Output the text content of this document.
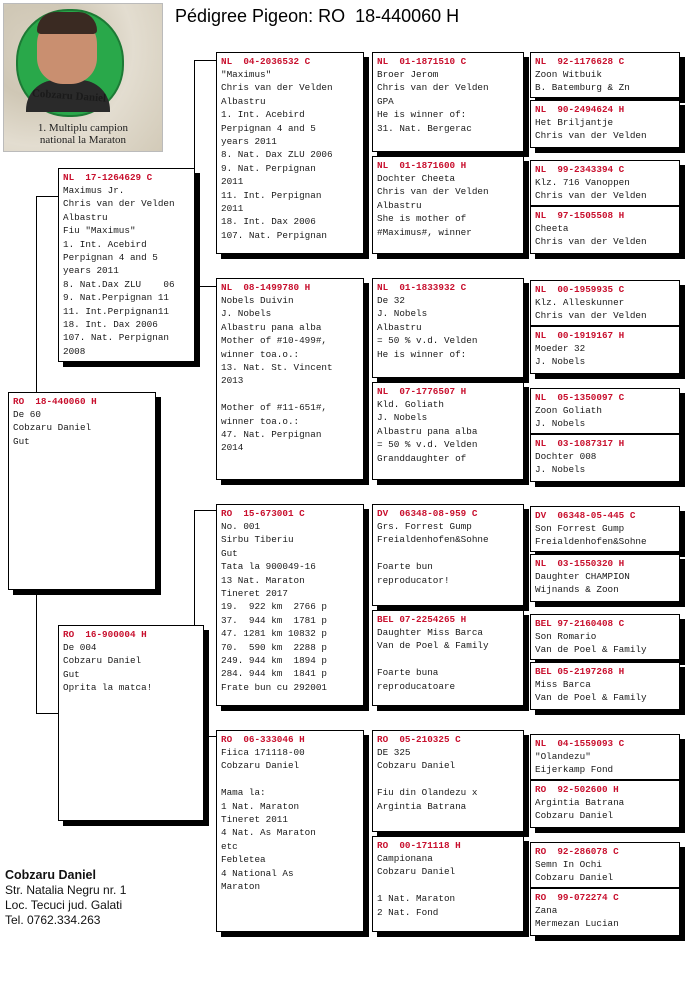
Pédigree Pigeon: RO  18-440060 H
Cobzaru Daniel
1. Multiplu campion
national la Maraton
RO  18-440060 H
De 60
Cobzaru Daniel
Gut
NL  17-1264629 C
Maximus Jr.
Chris van der Velden
Albastru
Fiu "Maximus"
1. Int. Acebird
Perpignan 4 and 5
years 2011
8. Nat.Dax ZLU    06
9. Nat.Perpignan 11
11. Int.Perpignan11
18. Int. Dax 2006
107. Nat. Perpignan
2008
RO  16-900004 H
De 004
Cobzaru Daniel
Gut
Oprita la matca!
NL  04-2036532 C
"Maximus"
Chris van der Velden
Albastru
1. Int. Acebird
Perpignan 4 and 5
years 2011
8. Nat. Dax ZLU 2006
9. Nat. Perpignan
2011
11. Int. Perpignan
2011
18. Int. Dax 2006
107. Nat. Perpignan
NL  08-1499780 H
Nobels Duivin
J. Nobels
Albastru pana alba
Mother of #10-499#,
winner toa.o.:
13. Nat. St. Vincent
2013
Mother of #11-651#,
winner toa.o.:
47. Nat. Perpignan
2014
RO  15-673001 C
No. 001
Sirbu Tiberiu
Gut
Tata la 900049-16
13 Nat. Maraton
Tineret 2017
19.  922 km  2766 p
37.  944 km  1781 p
47. 1281 km 10832 p
70.  590 km  2288 p
249. 944 km  1894 p
284. 944 km  1841 p
Frate bun cu 292001
RO  06-333046 H
Fiica 171118-00
Cobzaru Daniel
Mama la:
1 Nat. Maraton
Tineret 2011
4 Nat. As Maraton
etc
Febletea
4 National As
Maraton
NL  01-1871510 C
Broer Jerom
Chris van der Velden
GPA
He is winner of:
31. Nat. Bergerac
NL  01-1871600 H
Dochter Cheeta
Chris van der Velden
Albastru
She is mother of
#Maximus#, winner
NL  01-1833932 C
De 32
J. Nobels
Albastru
= 50 % v.d. Velden
He is winner of:
NL  07-1776507 H
Kld. Goliath
J. Nobels
Albastru pana alba
= 50 % v.d. Velden
Granddaughter of
DV  06348-08-959 C
Grs. Forrest Gump
Freialdenhofen&Sohne
Foarte bun
reproducator!
BEL 07-2254265 H
Daughter Miss Barca
Van de Poel & Family
Foarte buna
reproducatoare
RO  05-210325 C
DE 325
Cobzaru Daniel
Fiu din Olandezu x
Argintia Batrana
RO  00-171118 H
Campionana
Cobzaru Daniel
1 Nat. Maraton
2 Nat. Fond
NL  92-1176628 C
Zoon Witbuik
B. Batemburg & Zn
NL  90-2494624 H
Het Briljantje
Chris van der Velden
NL  99-2343394 C
Klz. 716 Vanoppen
Chris van der Velden
NL  97-1505508 H
Cheeta
Chris van der Velden
NL  00-1959935 C
Klz. Alleskunner
Chris van der Velden
NL  00-1919167 H
Moeder 32
J. Nobels
NL  05-1350097 C
Zoon Goliath
J. Nobels
NL  03-1087317 H
Dochter 008
J. Nobels
DV  06348-05-445 C
Son Forrest Gump
Freialdenhofen&Sohne
NL  03-1550320 H
Daughter CHAMPION
Wijnands & Zoon
BEL 97-2160408 C
Son Romario
Van de Poel & Family
BEL 05-2197268 H
Miss Barca
Van de Poel & Family
NL  04-1559093 C
"Olandezu"
Eijerkamp Fond
RO  92-502600 H
Argintia Batrana
Cobzaru Daniel
RO  92-286078 C
Semn In Ochi
Cobzaru Daniel
RO  99-072274 C
Zana
Mermezan Lucian
Cobzaru Daniel
Str. Natalia Negru nr. 1
Loc. Tecuci jud. Galati
Tel. 0762.334.263
